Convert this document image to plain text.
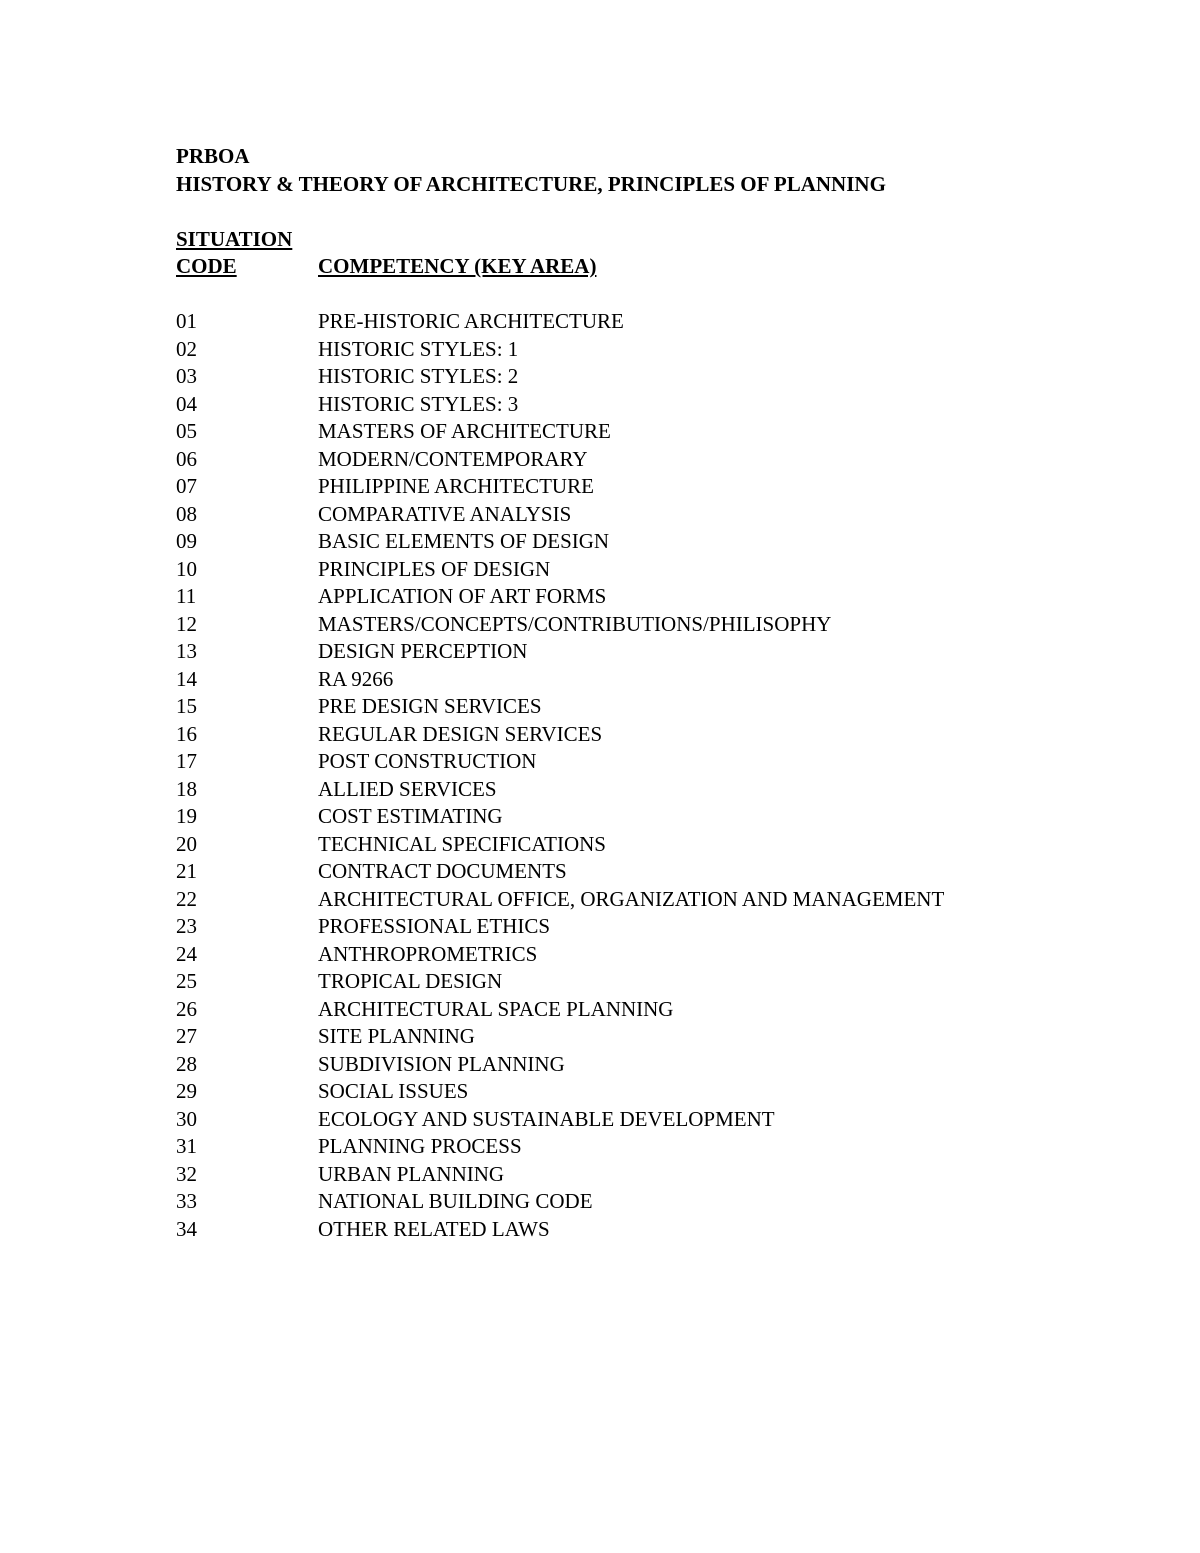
PRBOA
HISTORY & THEORY OF ARCHITECTURE, PRINCIPLES OF PLANNING
SITUATION
CODE	COMPETENCY (KEY AREA)
01	PRE-HISTORIC ARCHITECTURE
02	HISTORIC STYLES: 1
03	HISTORIC STYLES: 2
04	HISTORIC STYLES: 3
05	MASTERS OF ARCHITECTURE
06	MODERN/CONTEMPORARY
07	PHILIPPINE ARCHITECTURE
08	COMPARATIVE ANALYSIS
09	BASIC ELEMENTS OF DESIGN
10	PRINCIPLES OF DESIGN
11	APPLICATION OF ART FORMS
12	MASTERS/CONCEPTS/CONTRIBUTIONS/PHILISOPHY
13	DESIGN PERCEPTION
14	RA 9266
15	PRE DESIGN SERVICES
16	REGULAR DESIGN SERVICES
17	POST CONSTRUCTION
18	ALLIED SERVICES
19	COST ESTIMATING
20	TECHNICAL SPECIFICATIONS
21	CONTRACT DOCUMENTS
22	ARCHITECTURAL OFFICE, ORGANIZATION AND MANAGEMENT
23	PROFESSIONAL ETHICS
24	ANTHROPROMETRICS
25	TROPICAL DESIGN
26	ARCHITECTURAL SPACE PLANNING
27	SITE PLANNING
28	SUBDIVISION PLANNING
29	SOCIAL ISSUES
30	ECOLOGY AND SUSTAINABLE DEVELOPMENT
31	PLANNING PROCESS
32	URBAN PLANNING
33	NATIONAL BUILDING CODE
34	OTHER RELATED LAWS
